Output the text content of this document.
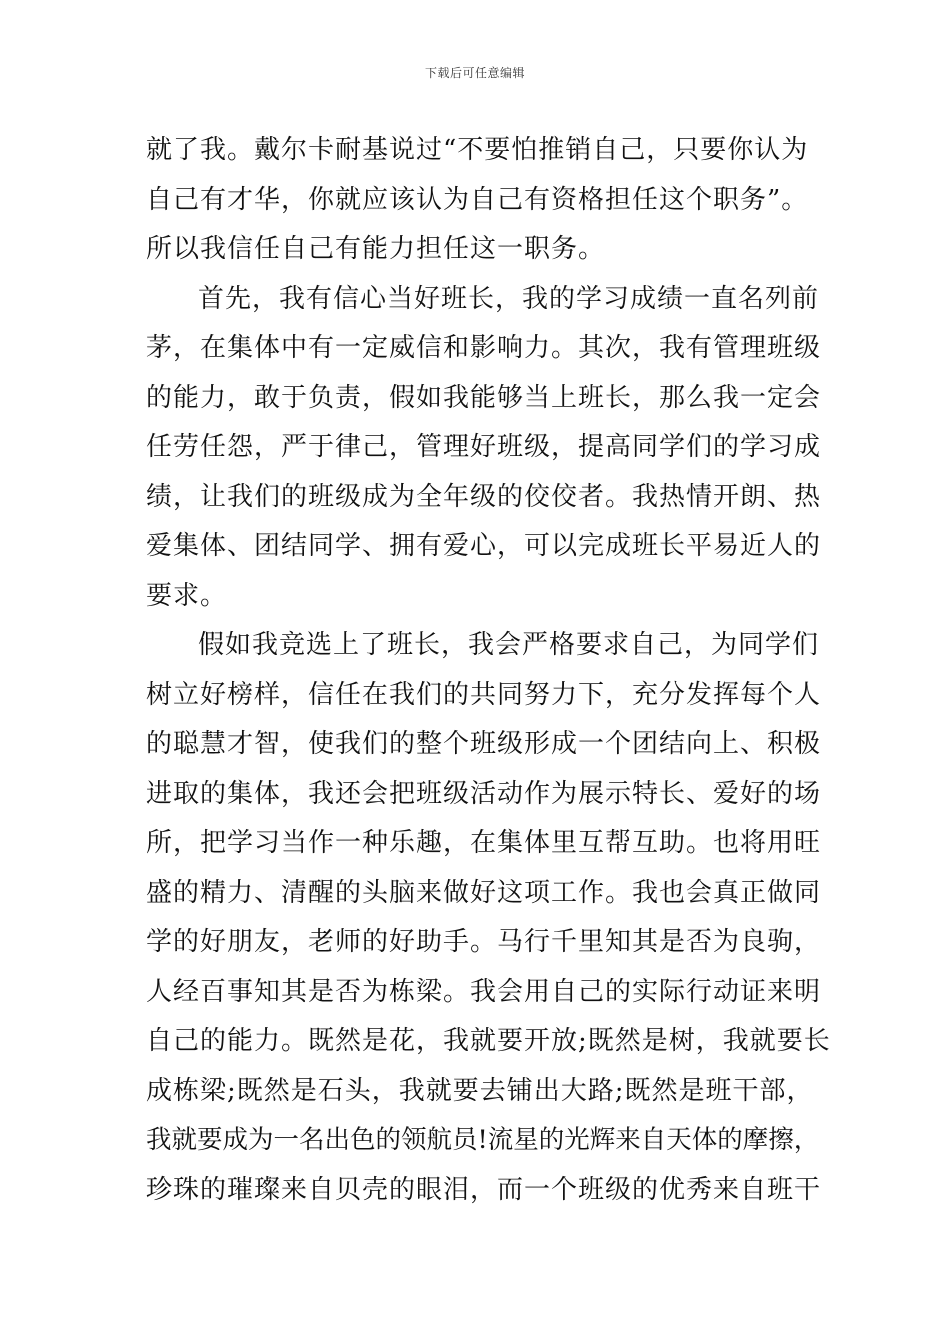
下载后可任意编辑
就了我。戴尔卡耐基说过“不要怕推销自己，只要你认为
自己有才华，你就应该认为自己有资格担任这个职务”。
所以我信任自己有能力担任这一职务。
首先，我有信心当好班长，我的学习成绩一直名列前
茅，在集体中有一定威信和影响力。其次，我有管理班级
的能力，敢于负责，假如我能够当上班长，那么我一定会
任劳任怨，严于律己，管理好班级，提高同学们的学习成
绩，让我们的班级成为全年级的佼佼者。我热情开朗、热
爱集体、团结同学、拥有爱心，可以完成班长平易近人的
要求。
假如我竞选上了班长，我会严格要求自己，为同学们
树立好榜样，信任在我们的共同努力下，充分发挥每个人
的聪慧才智，使我们的整个班级形成一个团结向上、积极
进取的集体，我还会把班级活动作为展示特长、爱好的场
所，把学习当作一种乐趣，在集体里互帮互助。也将用旺
盛的精力、清醒的头脑来做好这项工作。我也会真正做同
学的好朋友，老师的好助手。马行千里知其是否为良驹，
人经百事知其是否为栋梁。我会用自己的实际行动证来明
自己的能力。既然是花，我就要开放;既然是树，我就要长
成栋梁;既然是石头，我就要去铺出大路;既然是班干部，
我就要成为一名出色的领航员!流星的光辉来自天体的摩擦，
珍珠的璀璨来自贝壳的眼泪，而一个班级的优秀来自班干
